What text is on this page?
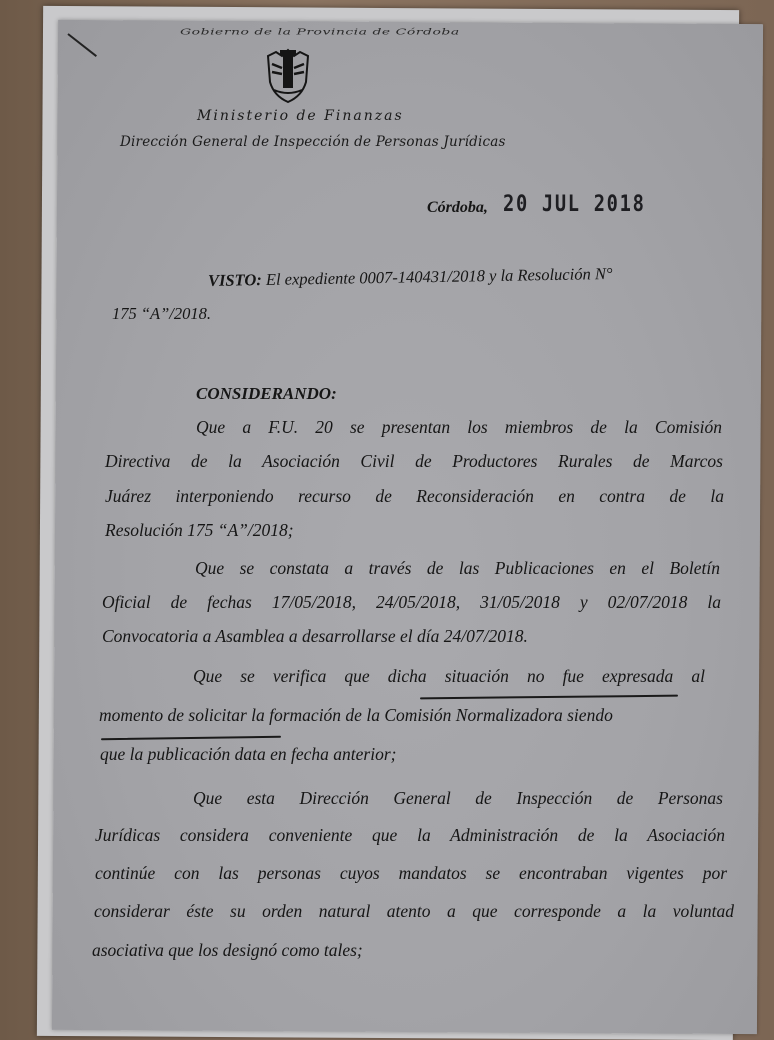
Gobierno de la Provincia de Córdoba
Ministerio de Finanzas
Dirección General de Inspección de Personas Jurídicas
Córdoba, 20 JUL 2018
VISTO: El expediente 0007-140431/2018 y la Resolución N°
175 “A”/2018.
CONSIDERANDO:
Que a F.U. 20 se presentan los miembros de la Comisión
Directiva de la Asociación Civil de Productores Rurales de Marcos
Juárez interponiendo recurso de Reconsideración en contra de la
Resolución 175 “A”/2018;
Que se constata a través de las Publicaciones en el Boletín
Oficial de fechas 17/05/2018, 24/05/2018, 31/05/2018 y 02/07/2018 la
Convocatoria a Asamblea a desarrollarse el día 24/07/2018.
Que se verifica que dicha situación no fue expresada al
momento de solicitar la formación de la Comisión Normalizadora siendo
que la publicación data en fecha anterior;
Que esta Dirección General de Inspección de Personas
Jurídicas considera conveniente que la Administración de la Asociación
continúe con las personas cuyos mandatos se encontraban vigentes por
considerar éste su orden natural atento a que corresponde a la voluntad
asociativa que los designó como tales;
